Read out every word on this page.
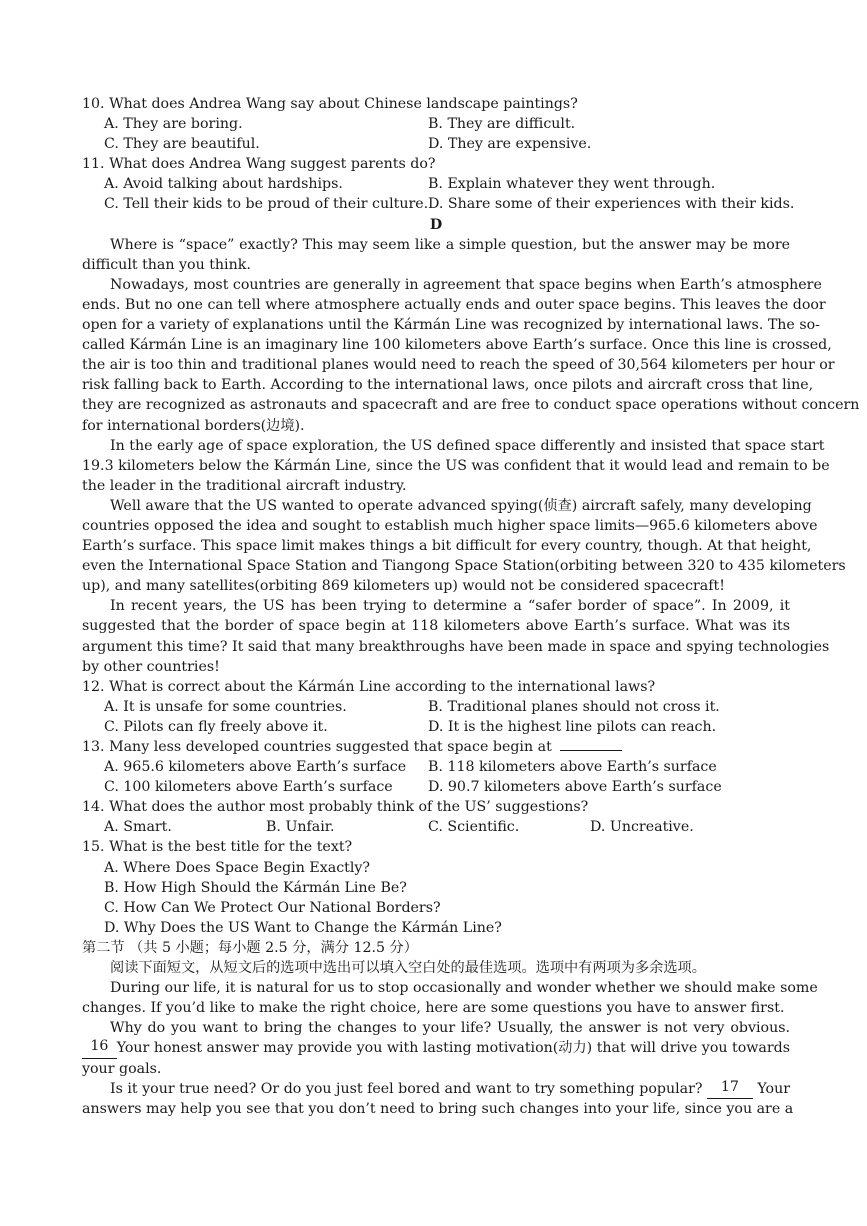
10. What does Andrea Wang say about Chinese landscape paintings?
A. They are boring.	B. They are difficult.
C. They are beautiful.	D. They are expensive.
11. What does Andrea Wang suggest parents do?
A. Avoid talking about hardships.	B. Explain whatever they went through.
C. Tell their kids to be proud of their culture. D. Share some of their experiences with their kids.
D
Where is “space” exactly? This may seem like a simple question, but the answer may be more
difficult than you think.
Nowadays, most countries are generally in agreement that space begins when Earth’s atmosphere
ends. But no one can tell where atmosphere actually ends and outer space begins. This leaves the door
open for a variety of explanations until the Kármán Line was recognized by international laws. The so-
called Kármán Line is an imaginary line 100 kilometers above Earth’s surface. Once this line is crossed,
the air is too thin and traditional planes would need to reach the speed of 30,564 kilometers per hour or
risk falling back to Earth. According to the international laws, once pilots and aircraft cross that line,
they are recognized as astronauts and spacecraft and are free to conduct space operations without concern
for international borders(边境).
In the early age of space exploration, the US defined space differently and insisted that space start
19.3 kilometers below the Kármán Line, since the US was confident that it would lead and remain to be
the leader in the traditional aircraft industry.
Well aware that the US wanted to operate advanced spying(侦查) aircraft safely, many developing
countries opposed the idea and sought to establish much higher space limits—965.6 kilometers above
Earth’s surface. This space limit makes things a bit difficult for every country, though. At that height,
even the International Space Station and Tiangong Space Station(orbiting between 320 to 435 kilometers
up), and many satellites(orbiting 869 kilometers up) would not be considered spacecraft!
In recent years, the US has been trying to determine a “safer border of space”. In 2009, it
suggested that the border of space begin at 118 kilometers above Earth’s surface. What was its
argument this time? It said that many breakthroughs have been made in space and spying technologies
by other countries!
12. What is correct about the Kármán Line according to the international laws?
A. It is unsafe for some countries.	B. Traditional planes should not cross it.
C. Pilots can fly freely above it.	D. It is the highest line pilots can reach.
13. Many less developed countries suggested that space begin at
A. 965.6 kilometers above Earth’s surface	B. 118 kilometers above Earth’s surface
C. 100 kilometers above Earth’s surface	D. 90.7 kilometers above Earth’s surface
14. What does the author most probably think of the US’ suggestions?
A. Smart.	B. Unfair.	C. Scientific.	D. Uncreative.
15. What is the best title for the text?
A. Where Does Space Begin Exactly?
B. How High Should the Kármán Line Be?
C. How Can We Protect Our National Borders?
D. Why Does the US Want to Change the Kármán Line?
第二节 （共 5 小题；每小题 2.5 分，满分 12.5 分）
阅读下面短文，从短文后的选项中选出可以填入空白处的最佳选项。选项中有两项为多余选项。
During our life, it is natural for us to stop occasionally and wonder whether we should make some
changes. If you’d like to make the right choice, here are some questions you have to answer first.
Why do you want to bring the changes to your life? Usually, the answer is not very obvious.
16 Your honest answer may provide you with lasting motivation(动力) that will drive you towards
your goals.
Is it your true need? Or do you just feel bored and want to try something popular?	17	Your
answers may help you see that you don’t need to bring such changes into your life, since you are a
